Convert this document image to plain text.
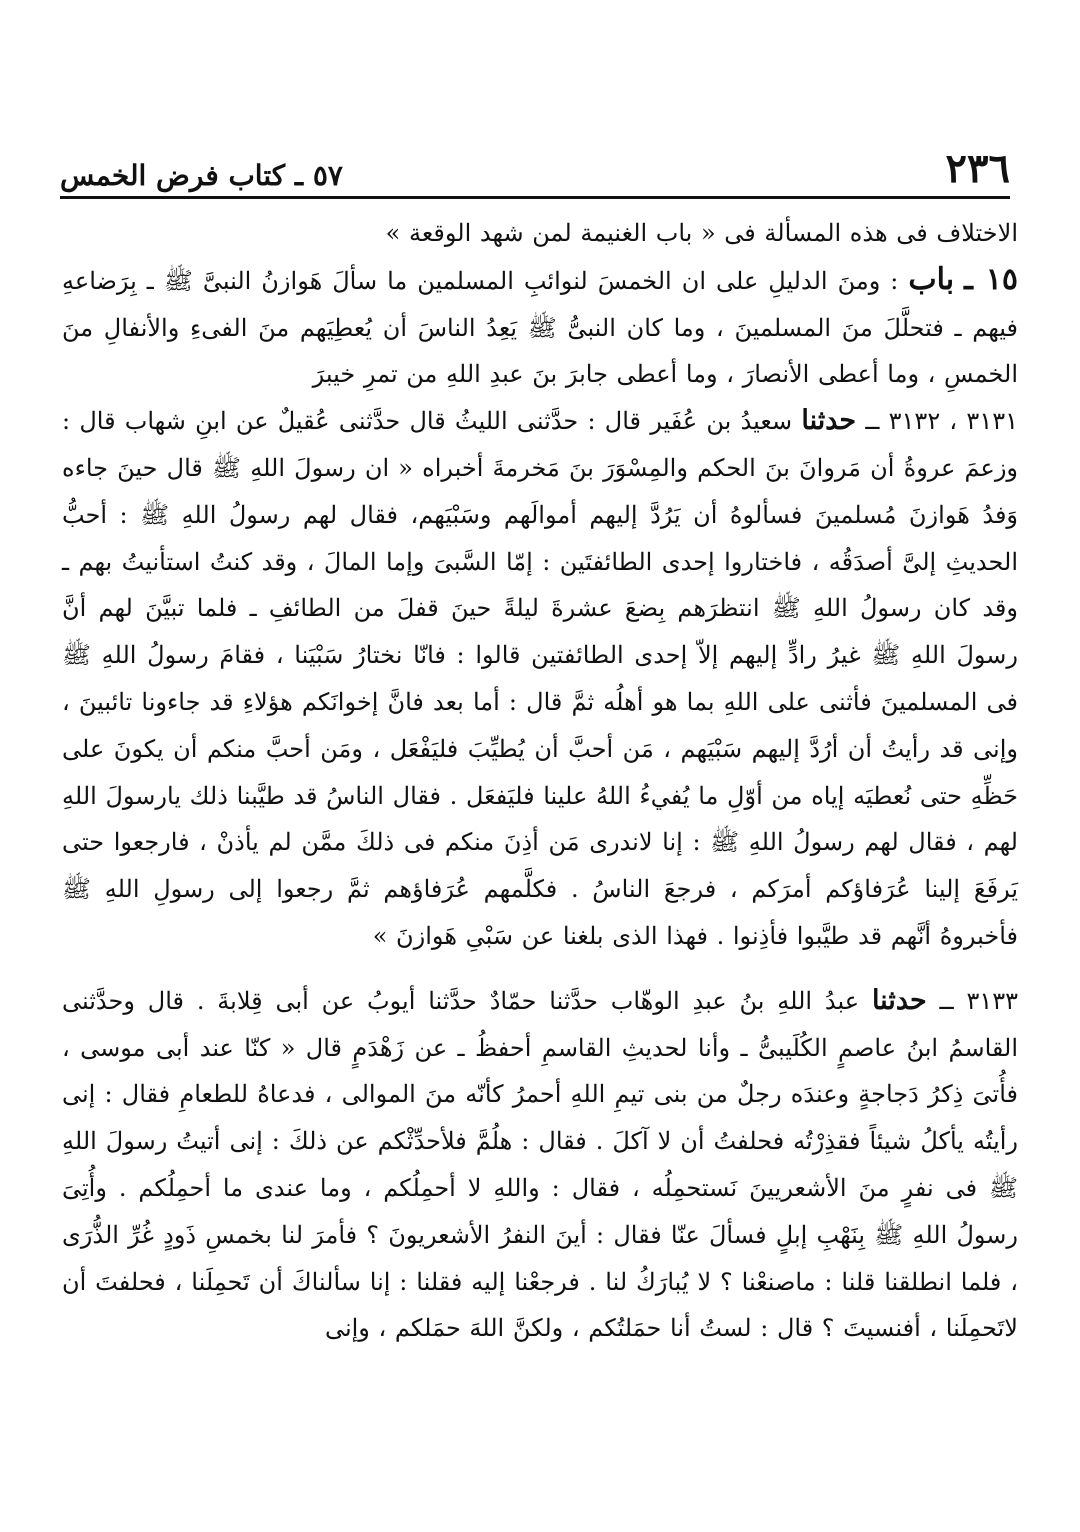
٥٧ ـ كتاب فرض الخمس	٢٣٦

الاختلاف فى هذه المسألة فى « باب الغنيمة لمن شهد الوقعة »

١٥ ـ باب : ومنَ الدليلِ على ان الخمسَ لنوائبِ المسلمين ما سألَ هَوازنُ النبىَّ ﷺ ـ بِرَضاعهِ فيهم ـ فتحلَّلَ منَ المسلمينَ ، وما كان النبىُّ ﷺ يَعِدُ الناسَ أن يُعطِيَهم منَ الفىءِ والأنفالِ منَ الخمسِ ، وما أعطى الأنصارَ ، وما أعطى جابرَ بنَ عبدِ اللهِ من تمرِ خيبرَ

٣١٣١ ، ٣١٣٢ ــ حدثنا سعيدُ بن عُفَير قال : حدَّثنى الليثُ قال حدَّثنى عُقيلٌ عن ابنِ شهاب قال : وزعمَ عروةُ أن مَروانَ بنَ الحكم والمِسْوَرَ بنَ مَخرمةَ أخبراه « ان رسولَ اللهِ ﷺ قال حينَ جاءه وَفدُ هَوازنَ مُسلمينَ فسألوهُ أن يَرُدَّ إليهم أموالَهم وسَبْيَهم، فقال لهم رسولُ اللهِ ﷺ : أحبُّ الحديثِ إلىَّ أصدَقُه ، فاختاروا إحدى الطائفتَين : إمّا السَّبىَ وإما المالَ ، وقد كنتُ استأنيتُ بهم ـ وقد كان رسولُ اللهِ ﷺ انتظرَهم بِضعَ عشرةَ ليلةً حينَ قفلَ من الطائفِ ـ فلما تبيَّنَ لهم أنَّ رسولَ اللهِ ﷺ غيرُ رادٍّ إليهم إلاّ إحدى الطائفتين قالوا : فانّا نختارُ سَبْيَنا ، فقامَ رسولُ اللهِ ﷺ فى المسلمينَ فأثنى على اللهِ بما هو أهلُه ثمَّ قال : أما بعد فانَّ إخوانَكم هؤلاءِ قد جاءونا تائبينَ ، وإنى قد رأيتُ أن أرُدَّ إليهم سَبْيَهم ، مَن أحبَّ أن يُطيِّبَ فليَفْعَل ، ومَن أحبَّ منكم أن يكونَ على حَظِّهِ حتى نُعطيَه إياه من أوّلِ ما يُفيءُ اللهُ علينا فليَفعَل . فقال الناسُ قد طيَّبنا ذلك يارسولَ اللهِ لهم ، فقال لهم رسولُ اللهِ ﷺ : إنا لاندرى مَن أذِنَ منكم فى ذلكَ ممَّن لم يأذنْ ، فارجعوا حتى يَرفَعَ إلينا عُرَفاؤكم أمرَكم ، فرجعَ الناسُ . فكلَّمهم عُرَفاؤهم ثمَّ رجعوا إلى رسولِ اللهِ ﷺ فأخبروهُ أنَّهم قد طيَّبوا فأذِنوا . فهذا الذى بلغنا عن سَبْىِ هَوازنَ »

٣١٣٣ ــ حدثنا عبدُ اللهِ بنُ عبدِ الوهّاب حدَّثنا حمّادٌ حدَّثنا أيوبُ عن أبى قِلابةَ . قال وحدَّثنى القاسمُ ابنُ عاصمٍ الكُلَيبىُّ ـ وأنا لحديثِ القاسمِ أحفظُ ـ عن زَهْدَمٍ قال « كنّا عند أبى موسى ، فأُتىَ ذِكرُ دَجاجةٍ وعندَه رجلٌ من بنى تيمِ اللهِ أحمرُ كأنّه منَ الموالى ، فدعاهُ للطعامِ فقال : إنى رأيتُه يأكلُ شيئاً فقذِرْتُه فحلفتُ أن لا آكلَ . فقال : هلُمَّ فلأحدِّثْكم عن ذلكَ : إنى أتيتُ رسولَ اللهِ ﷺ فى نفرٍ منَ الأشعريينَ نَستحمِلُه ، فقال : واللهِ لا أحمِلُكم ، وما عندى ما أحمِلُكم . وأُتِىَ رسولُ اللهِ ﷺ بِنَهْبِ إبلٍ فسألَ عنّا فقال : أينَ النفرُ الأشعريونَ ؟ فأمرَ لنا بخمسِ ذَودٍ غُرِّ الذُّرَى ، فلما انطلقنا قلنا : ماصنعْنا ؟ لا يُبارَكُ لنا . فرجعْنا إليه فقلنا : إنا سألناكَ أن تَحمِلَنا ، فحلفتَ أن لاتَحمِلَنا ، أفنسيتَ ؟ قال : لستُ أنا حمَلتُكم ، ولكنَّ اللهَ حمَلكم ، وإنى
